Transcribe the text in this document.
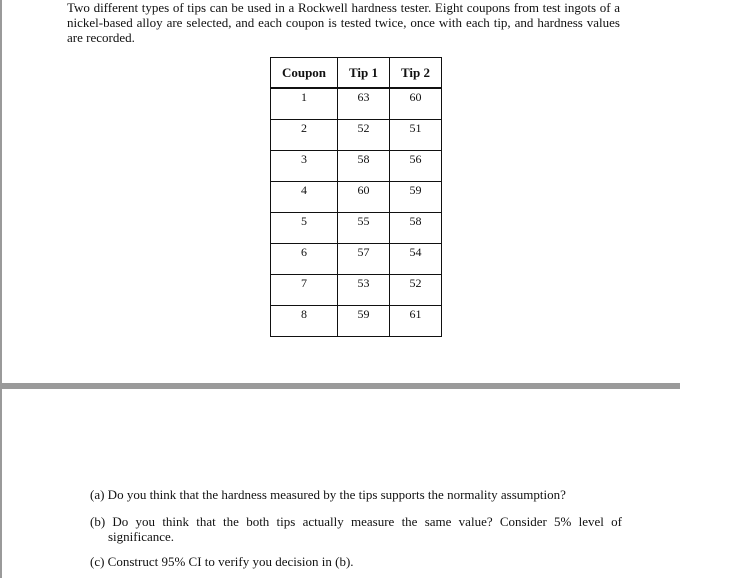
Two different types of tips can be used in a Rockwell hardness tester. Eight coupons from test ingots of a nickel-based alloy are selected, and each coupon is tested twice, once with each tip, and hardness values are recorded.

Coupon	Tip 1	Tip 2
1	63	60
2	52	51
3	58	56
4	60	59
5	55	58
6	57	54
7	53	52
8	59	61
(a) Do you think that the hardness measured by the tips supports the normality assumption?
(b) Do you think that the both tips actually measure the same value? Consider 5% level of significance.
(c) Construct 95% CI to verify you decision in (b).
